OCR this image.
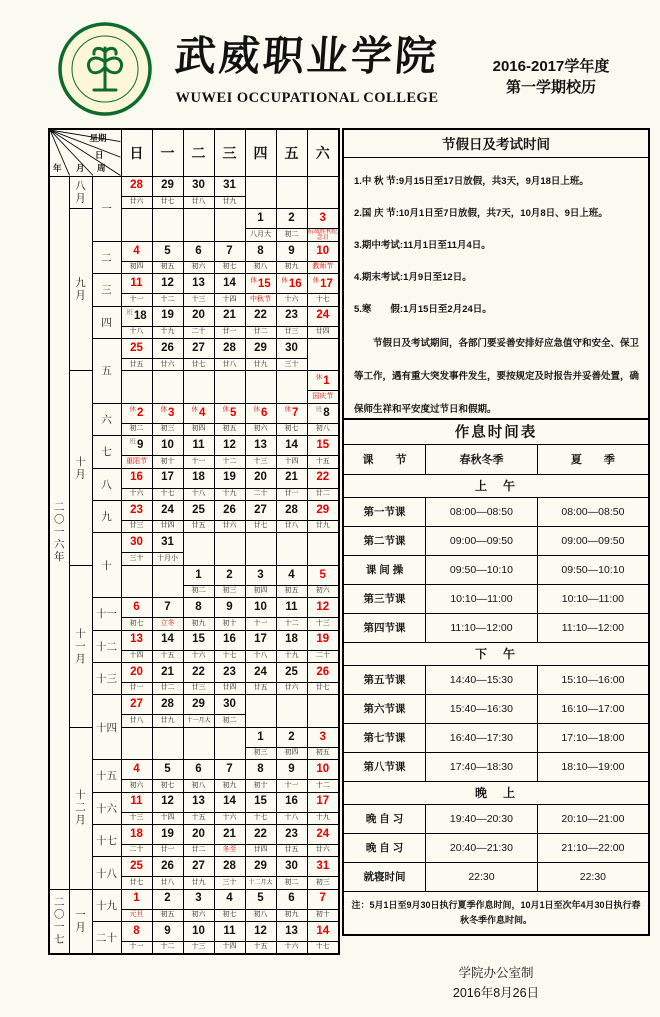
武威职业学院
WUWEI OCCUPATIONAL COLLEGE
2016-2017学年度
第一学期校历
星期
日
年 月 周			日	一	二	三	四	五	六
二〇一六年	八月	一	28	29	30	31			
			廿六	廿七	廿八	廿九			
	九月						1	2	3
							八月大	初二	抗战胜利纪念日
		二	4	5	6	7	8	9	10
			初四	初五	初六	初七	初八	初九	教师节
		三	11	12	13	14	$^休$15	$^休$16	$^休$17
			十一	十二	十三	十四	中秋节	十六	十七
		四	$^班$18	19	20	21	22	23	24
			十八	十九	二十	廿一	廿二	廿三	廿四
		五	25	26	27	28	29	30	
			廿五	廿六	廿七	廿八	廿九	三十	
	十月								$^休$1
									国庆节
		六	$^休$2	$^休$3	$^休$4	$^休$5	$^休$6	$^休$7	$^班$8
			初二	初三	初四	初五	初六	初七	初八
		七	$^班$9	10	11	12	13	14	15
			重阳节	初十	十一	十二	十三	十四	十五
		八	16	17	18	19	20	21	22
			十六	十七	十八	十九	二十	廿一	廿二
		九	23	24	25	26	27	28	29
			廿三	廿四	廿五	廿六	廿七	廿八	廿九
		十	30	31					
			三十	十月小					
	十一月				1	2	3	4	5
					初二	初三	初四	初五	初六
		十一	6	7	8	9	10	11	12
			初七	立冬	初九	初十	十一	十二	十三
		十二	13	14	15	16	17	18	19
			十四	十五	十六	十七	十八	十九	二十
		十三	20	21	22	23	24	25	26
			廿一	廿二	廿三	廿四	廿五	廿六	廿七
		十四	27	28	29	30			
			廿八	廿九	十一月大	初二			
	十二月						1	2	3
							初三	初四	初五
		十五	4	5	6	7	8	9	10
			初六	初七	初八	初九	初十	十一	十二
		十六	11	12	13	14	15	16	17
			十三	十四	十五	十六	十七	十八	十九
		十七	18	19	20	21	22	23	24
			二十	廿一	廿二	冬至	廿四	廿五	廿六
		十八	25	26	27	28	29	30	31
			廿七	廿八	廿九	三十	十二月大	初二	初三
二〇一七	一月	十九	1	2	3	4	5	6	7
			元旦	初五	初六	初七	初八	初九	初十
		二十	8	9	10	11	12	13	14
			十一	十二	十三	十四	十五	十六	十七
节假日及考试时间
1.中 秋 节:9月15日至17日放假，共3天，9月18日上班。
2.国 庆 节:10月1日至7日放假，共7天，10月8日、9日上班。
3.期中考试:11月1日至11月4日。
4.期末考试:1月9日至12日。
5.寒　　假:1月15日至2月24日。

节假日及考试期间，各部门要妥善安排好应急值守和安全、保卫等工作，遇有重大突发事件发生，要按规定及时报告并妥善处置，确保师生祥和平安度过节日和假期。

作息时间表		
课　　节	春秋冬季	夏　　季
上　午		
第一节课	08:00—08:50	08:00—08:50
第二节课	09:00—09:50	09:00—09:50
课 间 操	09:50—10:10	09:50—10:10
第三节课	10:10—11:00	10:10—11:00
第四节课	11:10—12:00	11:10—12:00
下　午		
第五节课	14:40—15:30	15:10—16:00
第六节课	15:40—16:30	16:10—17:00
第七节课	16:40—17:30	17:10—18:00
第八节课	17:40—18:30	18:10—19:00
晚　上		
晚 自 习	19:40—20:30	20:10—21:00
晚 自 习	20:40—21:30	21:10—22:00
就寝时间	22:30	22:30
注：5月1日至9月30日执行夏季作息时间，10月1日至次年4月30日执行春秋冬季作息时间。		
学院办公室制
2016年8月26日
